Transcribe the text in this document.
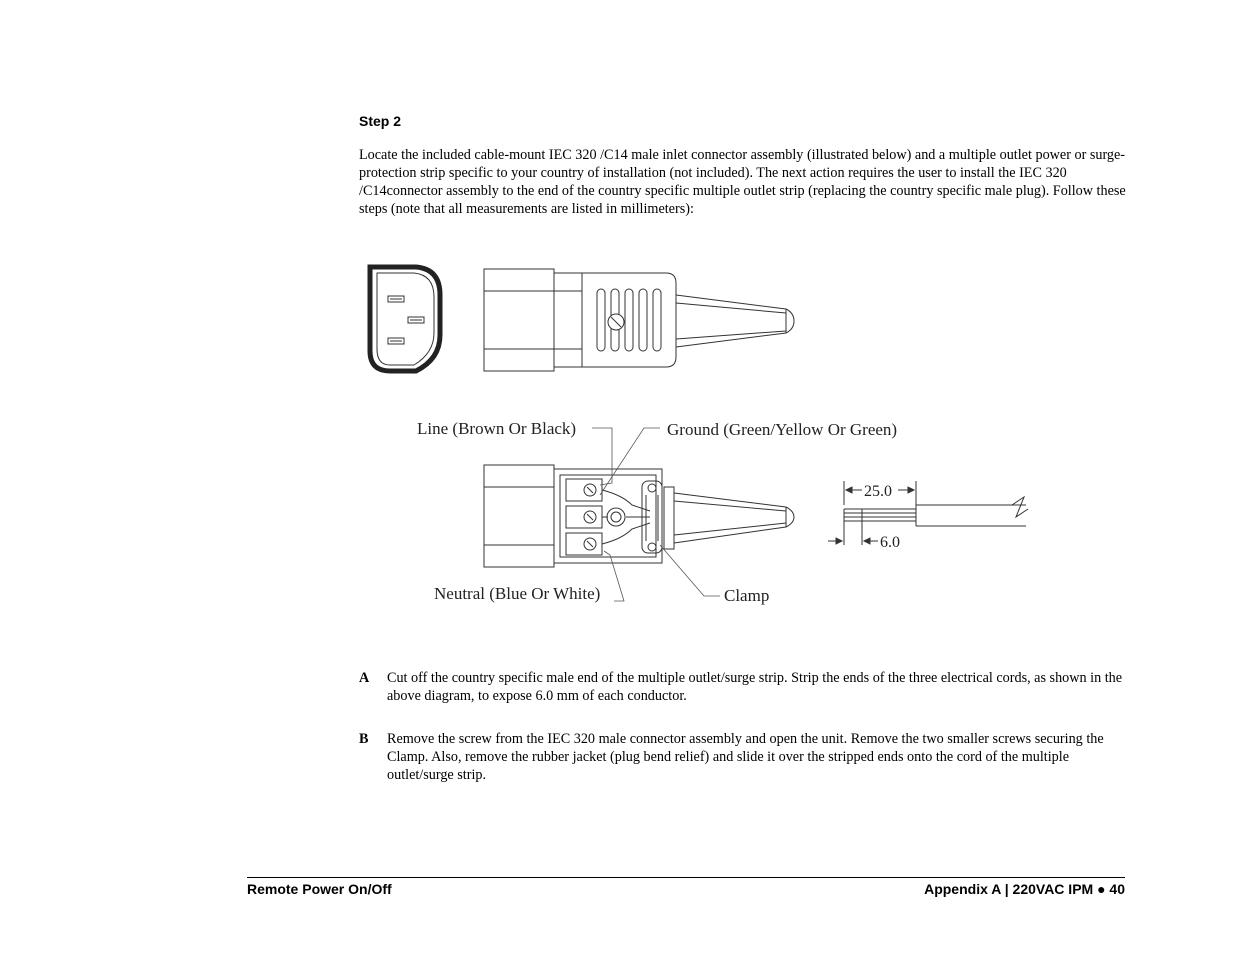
Step 2
Locate the included cable-mount IEC 320 /C14 male inlet connector assembly (illustrated below) and a multiple outlet power or surge-protection strip specific to your country of installation (not included). The next action requires the user to install the IEC 320 /C14connector assembly to the end of the country specific multiple outlet strip (replacing the country specific male plug). Follow these steps (note that all measurements are listed in millimeters):
Line (Brown Or Black)	Ground (Green/Yellow Or Green)
Neutral (Blue Or White)	Clamp
25.0
6.0
A Cut off the country specific male end of the multiple outlet/surge strip. Strip the ends of the three electrical cords, as shown in the above diagram, to expose 6.0 mm of each conductor.
B Remove the screw from the IEC 320 male connector assembly and open the unit. Remove the two smaller screws securing the Clamp. Also, remove the rubber jacket (plug bend relief) and slide it over the stripped ends onto the cord of the multiple outlet/surge strip.
Remote Power On/Off	Appendix A | 220VAC IPM ● 40
